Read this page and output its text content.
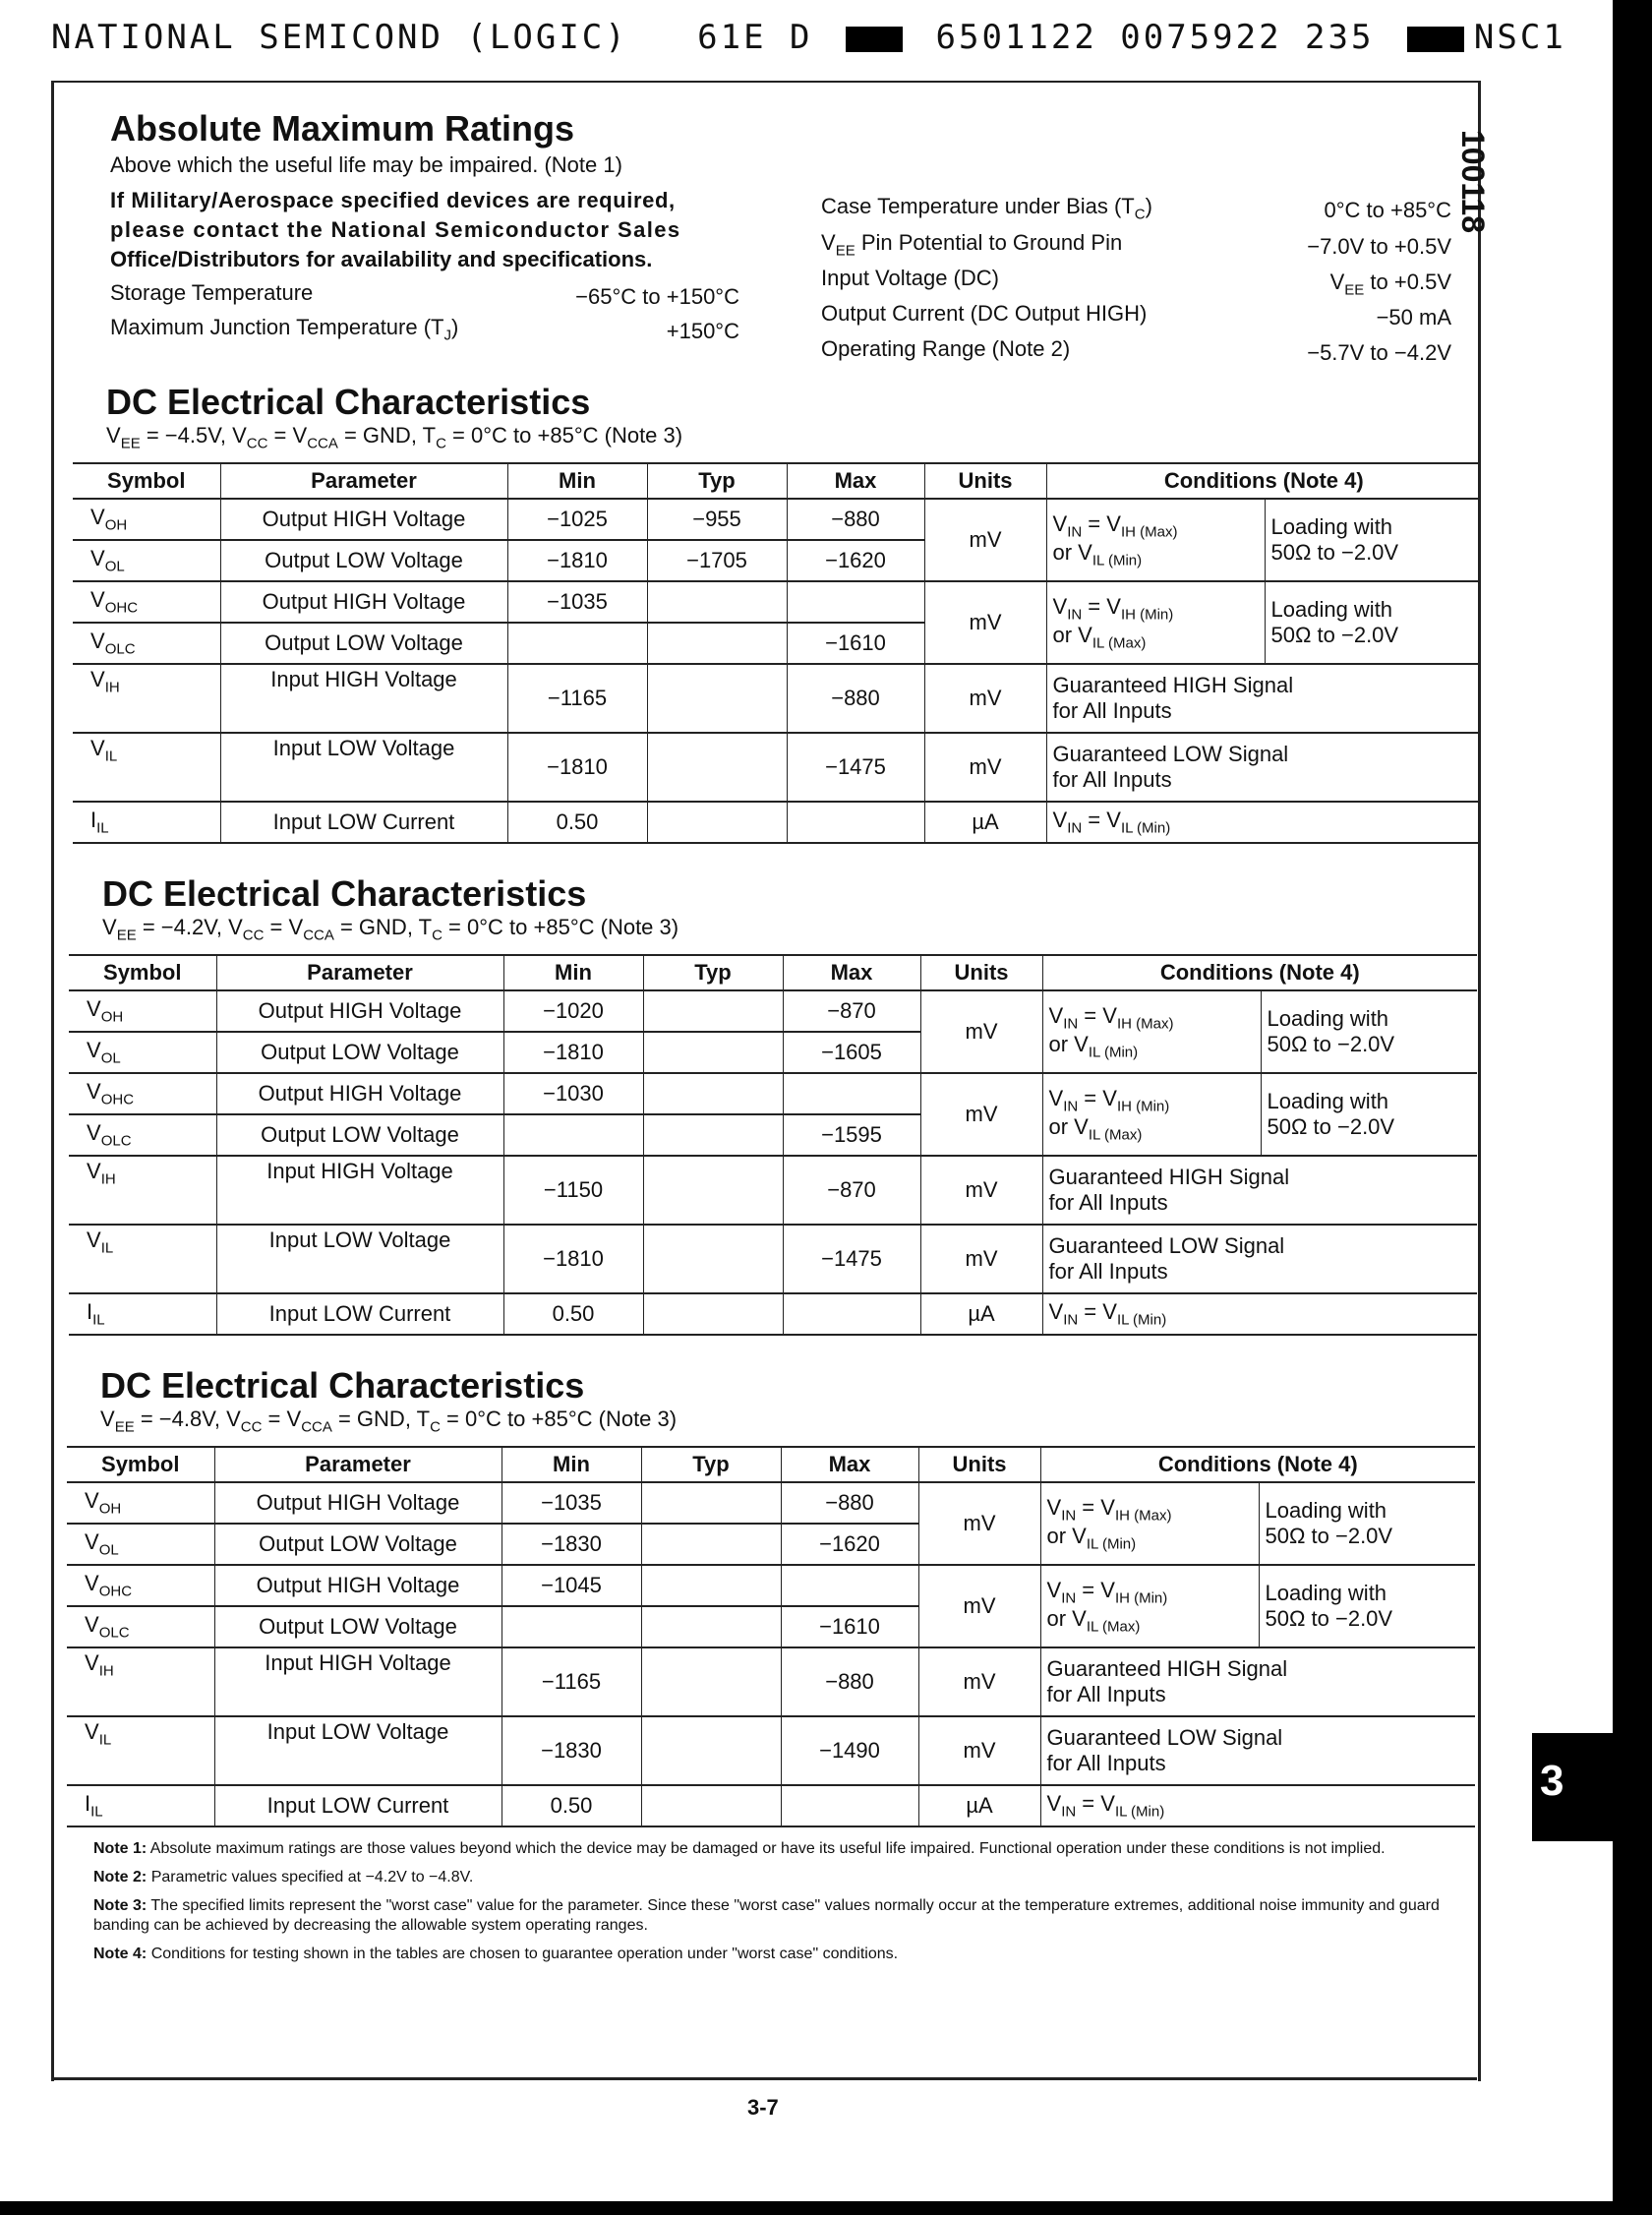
NATIONAL SEMICOND (LOGIC) 61E D	6501122 0075922 235	NSC1
100118
3
Absolute Maximum Ratings
Above which the useful life may be impaired. (Note 1)
If Military/Aerospace specified devices are required,
please contact the National Semiconductor Sales
Office/Distributors for availability and specifications.
Storage Temperature	−65°C to +150°C
Maximum Junction Temperature $(T_J)$	+150°C
Case Temperature under Bias $(T_C)$	0°C to +85°C
$V_{EE}$ Pin Potential to Ground Pin	−7.0V to +0.5V
Input Voltage (DC)	$V_{EE}$ to +0.5V
Output Current (DC Output HIGH)	−50 mA
Operating Range (Note 2)	−5.7V to −4.2V
DC Electrical Characteristics
$V_{EE} = -4.5V$, $V_{CC} = V_{CCA}$ = GND, $T_C = 0^\circ C$ to +85°C (Note 3)
Symbol	Parameter	Min	Typ	Max	Units	Conditions (Note 4)	
$V_{OH}$	Output HIGH Voltage	−1025	−955	−880	mV	$V_{IN} = V_{IH (Max)}$
or $V_{IL (Min)}$	Loading with
50Ω to −2.0V
$V_{OL}$	Output LOW Voltage	−1810	−1705	−1620			
$V_{OHC}$	Output HIGH Voltage	−1035			mV	$V_{IN} = V_{IH (Min)}$
or $V_{IL (Max)}$	Loading with
50Ω to −2.0V
$V_{OLC}$	Output LOW Voltage			−1610			
$V_{IH}$	Input HIGH Voltage	−1165		−880	mV	Guaranteed HIGH Signal
for All Inputs	
$V_{IL}$	Input LOW Voltage	−1810		−1475	mV	Guaranteed LOW Signal
for All Inputs	
$I_{IL}$	Input LOW Current	0.50			µA	$V_{IN} = V_{IL (Min)}$
DC Electrical Characteristics
$V_{EE} = -4.2V$, $V_{CC} = V_{CCA}$ = GND, $T_C = 0^\circ C$ to +85°C (Note 3)
Symbol	Parameter	Min	Typ	Max	Units	Conditions (Note 4)	
$V_{OH}$	Output HIGH Voltage	−1020		−870	mV	$V_{IN} = V_{IH (Max)}$
or $V_{IL (Min)}$	Loading with
50Ω to −2.0V
$V_{OL}$	Output LOW Voltage	−1810		−1605			
$V_{OHC}$	Output HIGH Voltage	−1030			mV	$V_{IN} = V_{IH (Min)}$
or $V_{IL (Max)}$	Loading with
50Ω to −2.0V
$V_{OLC}$	Output LOW Voltage			−1595			
$V_{IH}$	Input HIGH Voltage	−1150		−870	mV	Guaranteed HIGH Signal
for All Inputs	
$V_{IL}$	Input LOW Voltage	−1810		−1475	mV	Guaranteed LOW Signal
for All Inputs	
$I_{IL}$	Input LOW Current	0.50			µA	$V_{IN} = V_{IL (Min)}$
DC Electrical Characteristics
$V_{EE} = -4.8V$, $V_{CC} = V_{CCA}$ = GND, $T_C = 0^\circ C$ to +85°C (Note 3)
Symbol	Parameter	Min	Typ	Max	Units	Conditions (Note 4)	
$V_{OH}$	Output HIGH Voltage	−1035		−880	mV	$V_{IN} = V_{IH (Max)}$
or $V_{IL (Min)}$	Loading with
50Ω to −2.0V
$V_{OL}$	Output LOW Voltage	−1830		−1620			
$V_{OHC}$	Output HIGH Voltage	−1045			mV	$V_{IN} = V_{IH (Min)}$
or $V_{IL (Max)}$	Loading with
50Ω to −2.0V
$V_{OLC}$	Output LOW Voltage			−1610			
$V_{IH}$	Input HIGH Voltage	−1165		−880	mV	Guaranteed HIGH Signal
for All Inputs	
$V_{IL}$	Input LOW Voltage	−1830		−1490	mV	Guaranteed LOW Signal
for All Inputs	
$I_{IL}$	Input LOW Current	0.50			µA	$V_{IN} = V_{IL (Min)}$

Note 1: Absolute maximum ratings are those values beyond which the device may be damaged or have its useful life impaired. Functional operation under these conditions is not implied.

Note 2: Parametric values specified at −4.2V to −4.8V.

Note 3: The specified limits represent the "worst case" value for the parameter. Since these "worst case" values normally occur at the temperature extremes, additional noise immunity and guard banding can be achieved by decreasing the allowable system operating ranges.

Note 4: Conditions for testing shown in the tables are chosen to guarantee operation under "worst case" conditions.

3-7
